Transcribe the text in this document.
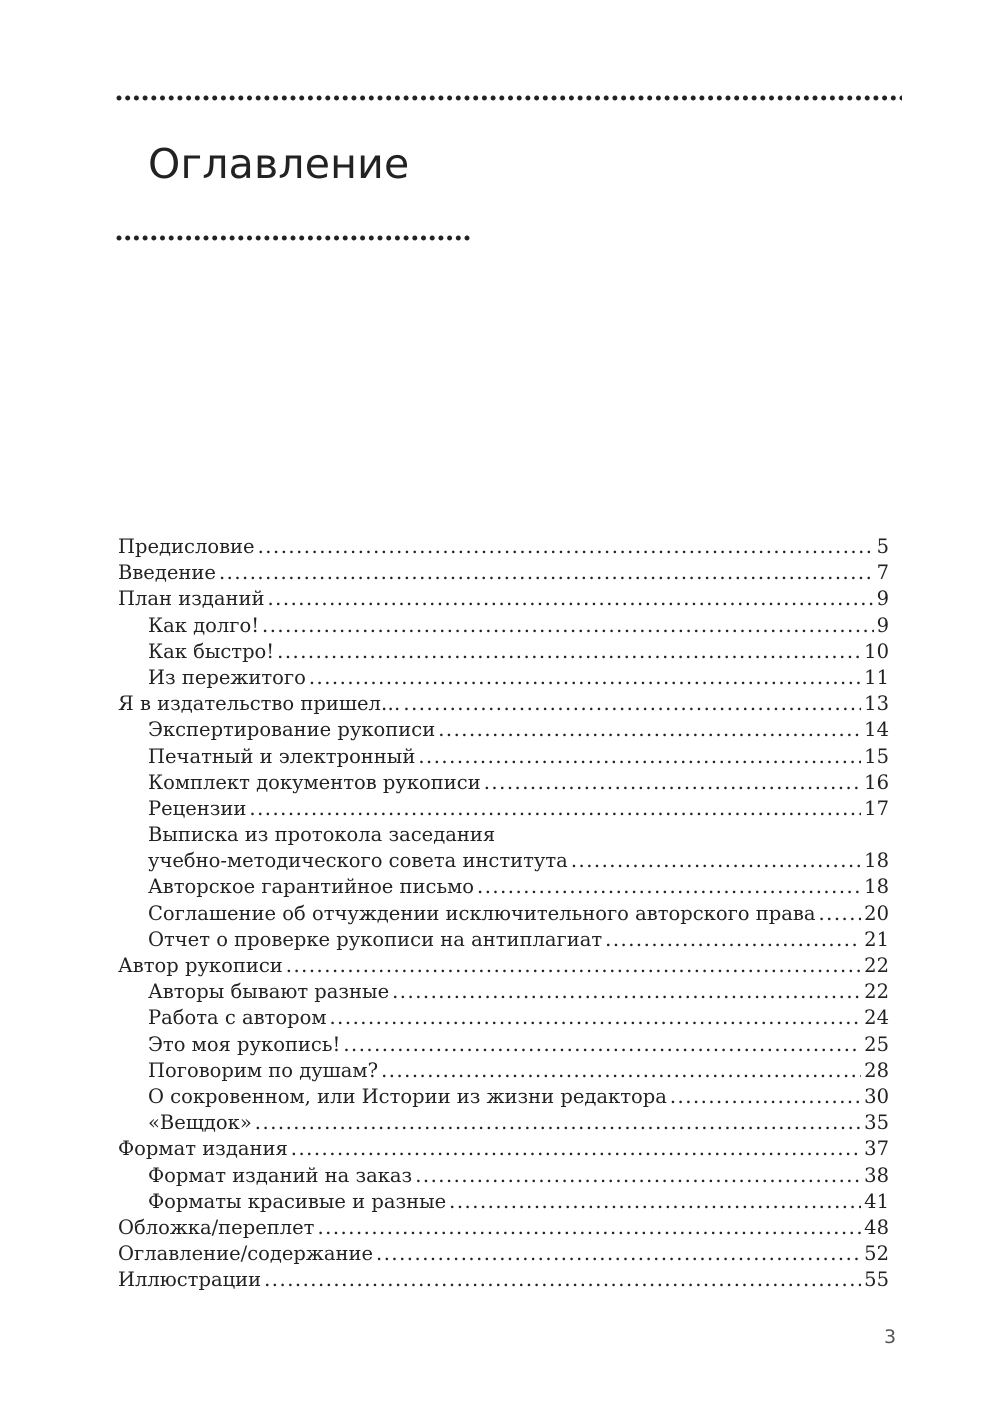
Оглавление
Предисловие .....	5
Введение .....	7
План изданий .....	9
Как долго! .....	9
Как быстро! .....	10
Из пережитого .....	11
Я в издательство пришел… .....	13
Экспертирование рукописи .....	14
Печатный и электронный .....	15
Комплект документов рукописи .....	16
Рецензии .....	17
Выписка из протокола заседания
учебно-методического совета института .....	18
Авторское гарантийное письмо .....	18
Соглашение об отчуждении исключительного авторского права ..... 20
Отчет о проверке рукописи на антиплагиат .....	21
Автор рукописи .....	22
Авторы бывают разные .....	22
Работа с автором .....	24
Это моя рукопись! .....	25
Поговорим по душам? .....	28
О сокровенном, или Истории из жизни редактора .....	30
«Вещдок» .....	35
Формат издания .....	37
Формат изданий на заказ .....	38
Форматы красивые и разные .....	41
Обложка/переплет .....	48
Оглавление/содержание .....	52
Иллюстрации .....	55
3
